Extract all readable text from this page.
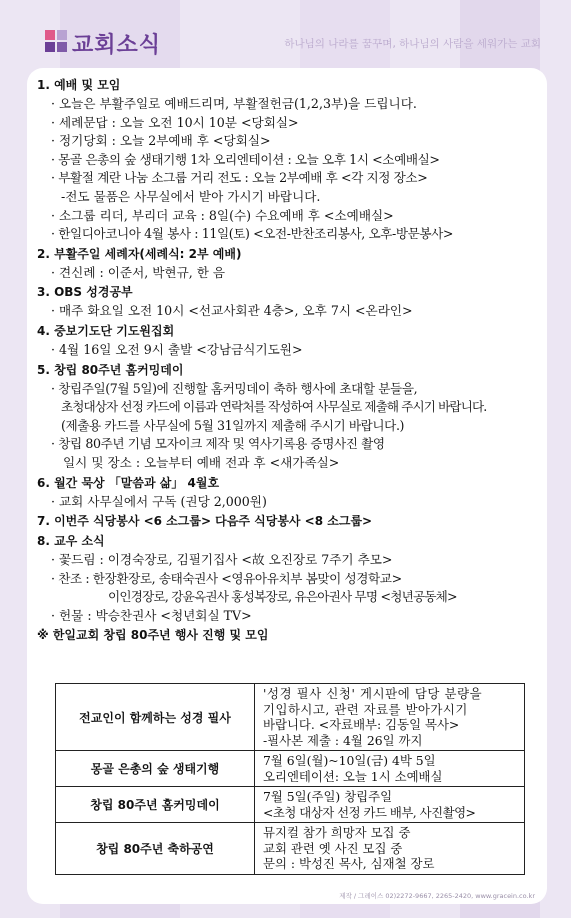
교회소식	하나님의 나라를 꿈꾸며, 하나님의 사람을 세워가는 교회
1. 예배 및 모임
· 오늘은 부활주일로 예배드리며, 부활절헌금(1,2,3부)을 드립니다.
· 세례문답 : 오늘 오전 10시 10분 <당회실>
· 정기당회 : 오늘 2부예배 후 <당회실>
· 몽골 은총의 숲 생태기행 1차 오리엔테이션 : 오늘 오후 1시 <소예배실>
· 부활절 계란 나눔 소그룹 거리 전도 : 오늘 2부예배 후 <각 지정 장소>
-전도 물품은 사무실에서 받아 가시기 바랍니다.
· 소그룹 리더, 부리더 교육 : 8일(수) 수요예배 후 <소예배실>
· 한일디아코니아 4월 봉사 : 11일(토) <오전-반찬조리봉사, 오후-방문봉사>
2. 부활주일 세례자(세례식: 2부 예배)
· 견신례 : 이준서, 박현규, 한 음
3. OBS 성경공부
· 매주 화요일 오전 10시 <선교사회관 4층>, 오후 7시 <온라인>
4. 중보기도단 기도원집회
· 4월 16일 오전 9시 출발 <강남금식기도원>
5. 창립 80주년 홈커밍데이
· 창립주일(7월 5일)에 진행할 홈커밍데이 축하 행사에 초대할 분들을,
초청대상자 선정 카드에 이름과 연락처를 작성하여 사무실로 제출해 주시기 바랍니다.
(제출용 카드를 사무실에 5월 31일까지 제출해 주시기 바랍니다.)
· 창립 80주년 기념 모자이크 제작 및 역사기록용 증명사진 촬영
일시 및 장소 : 오늘부터 예배 전과 후 <새가족실>
6. 월간 묵상 「말씀과 삶」 4월호
· 교회 사무실에서 구독 (권당 2,000원)
7. 이번주 식당봉사 <6 소그룹> 다음주 식당봉사 <8 소그룹>
8. 교우 소식
· 꽃드림 : 이경숙장로, 김필기집사 <故 오진장로 7주기 추모>
· 찬조 : 한장환장로, 송태숙권사 <영유아유치부 봄맞이 성경학교>
이인경장로, 강윤옥권사 홍성복장로, 유은아권사 무명 <청년공동체>
· 헌물 : 박승찬권사 <청년회실 TV>
※ 한일교회 창립 80주년 행사 진행 및 모임
전교인이 함께하는 성경 필사	'성경 필사 신청' 게시판에 담당 분량을
기입하시고, 관련 자료를 받아가시기
바랍니다. <자료배부: 김동일 목사>
-필사본 제출 : 4월 26일 까지

몽골 은총의 숲 생태기행	7월 6일(월)~10일(금) 4박 5일
오리엔테이션: 오늘 1시 소예배실

창립 80주년 홈커밍데이	7월 5일(주일) 창립주일
<초청 대상자 선정 카드 배부, 사진촬영>

창립 80주년 축하공연	뮤지컬 참가 희망자 모집 중
교회 관련 옛 사진 모집 중
문의 : 박성진 목사, 심재철 장로
제작 / 그레이스 02)2272-9667, 2265-2420, www.gracein.co.kr
